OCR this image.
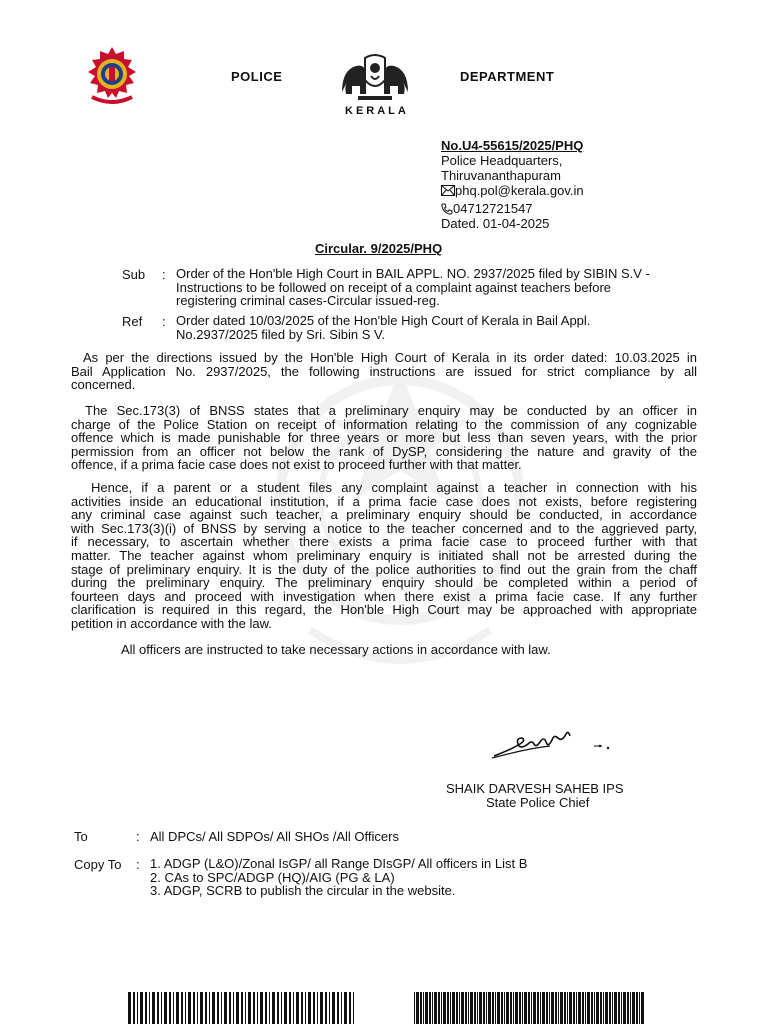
POLICE	DEPARTMENT
KERALA
No.U4-55615/2025/PHQ
Police Headquarters,
Thiruvananthapuram
phq.pol@kerala.gov.in
04712721547
Dated. 01-04-2025
Circular. 9/2025/PHQ
Sub : Order of the Hon'ble High Court in BAIL APPL. NO. 2937/2025 filed by SIBIN S.V -
Instructions to be followed on receipt of a complaint against teachers before
registering criminal cases-Circular issued-reg.
Ref : Order dated 10/03/2025 of the Hon'ble High Court of Kerala in Bail Appl.
No.2937/2025 filed by Sri. Sibin S V.
As per the directions issued by the Hon'ble High Court of Kerala in its order dated: 10.03.2025 in
Bail Application No. 2937/2025, the following instructions are issued for strict compliance by all
concerned.
The Sec.173(3) of BNSS states that a preliminary enquiry may be conducted by an officer in
charge of the Police Station on receipt of information relating to the commission of any cognizable
offence which is made punishable for three years or more but less than seven years, with the prior
permission from an officer not below the rank of DySP, considering the nature and gravity of the
offence, if a prima facie case does not exist to proceed further with that matter.
Hence, if a parent or a student files any complaint against a teacher in connection with his
activities inside an educational institution, if a prima facie case does not exists, before registering
any criminal case against such teacher, a preliminary enquiry should be conducted, in accordance
with Sec.173(3)(i) of BNSS by serving a notice to the teacher concerned and to the aggrieved party,
if necessary, to ascertain whether there exists a prima facie case to proceed further with that
matter. The teacher against whom preliminary enquiry is initiated shall not be arrested during the
stage of preliminary enquiry. It is the duty of the police authorities to find out the grain from the chaff
during the preliminary enquiry. The preliminary enquiry should be completed within a period of
fourteen days and proceed with investigation when there exist a prima facie case. If any further
clarification is required in this regard, the Hon'ble High Court may be approached with appropriate
petition in accordance with the law.
All officers are instructed to take necessary actions in accordance with law.
SHAIK DARVESH SAHEB IPS
State Police Chief
To	: All DPCs/ All SDPOs/ All SHOs /All Officers
Copy To : 1. ADGP (L&O)/Zonal IsGP/ all Range DIsGP/ All officers in List B
2. CAs to SPC/ADGP (HQ)/AIG (PG & LA)
3. ADGP, SCRB to publish the circular in the website.
